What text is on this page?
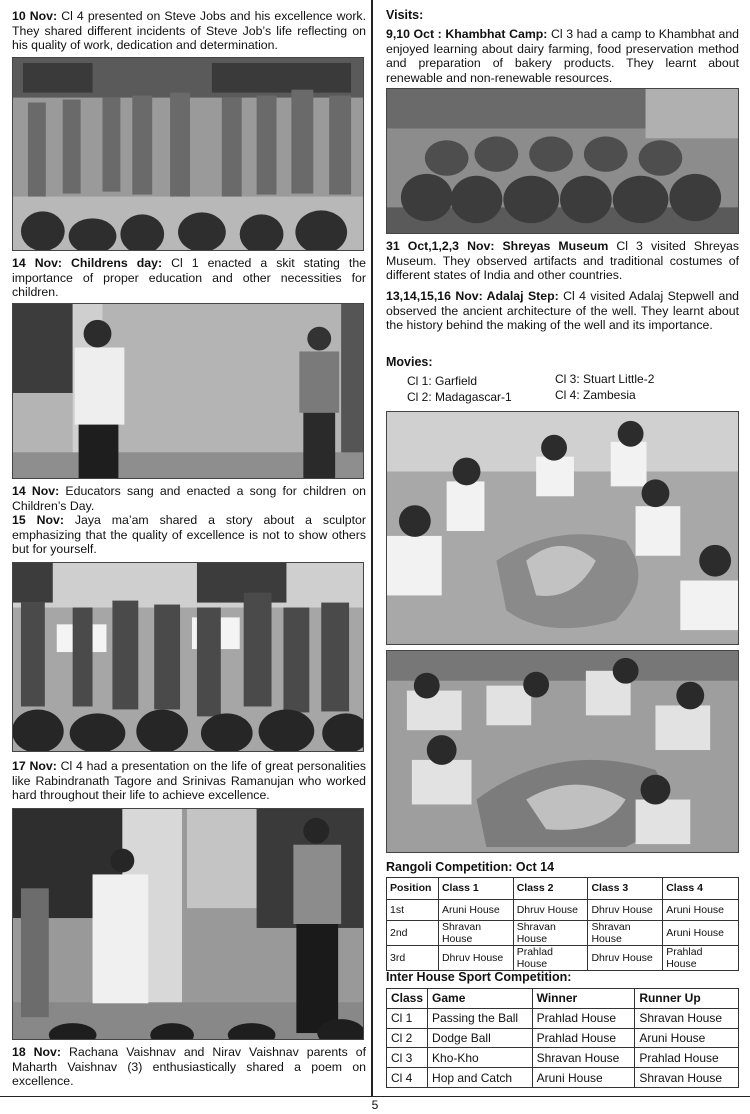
10 Nov: Cl 4 presented on Steve Jobs and his excellence work. They shared different incidents of Steve Job’s life reflecting on his quality of work, dedication and determination.
14 Nov: Childrens day: Cl 1 enacted a skit stating the importance of proper education and other necessities for children.
14 Nov: Educators sang and enacted a song for children on Children’s Day.
15 Nov: Jaya ma’am shared a story about a sculptor emphasizing that the quality of excellence is not to show others but for yourself.
17 Nov: Cl 4 had a presentation on the life of great personalities like Rabindranath Tagore and Srinivas Ramanujan who worked hard throughout their life to achieve excellence.
18 Nov: Rachana Vaishnav and Nirav Vaishnav parents of Maharth Vaishnav (3) enthusiastically shared a poem on excellence.
Visits:
9,10 Oct : Khambhat Camp: Cl 3 had a camp to Khambhat and enjoyed learning about dairy farming, food preservation method and preparation of bakery products. They learnt about renewable and non-renewable resources.
31 Oct,1,2,3 Nov: Shreyas Museum Cl 3 visited Shreyas Museum. They observed artifacts and traditional costumes of different states of India and other countries.
13,14,15,16 Nov: Adalaj Step: Cl 4 visited Adalaj Stepwell and observed the ancient architecture of the well. They learnt about the history behind the making of the well and its importance.
Movies:
Cl 1: Garfield
Cl 2: Madagascar-1
Cl 3: Stuart Little-2
Cl 4: Zambesia
Rangoli Competition: Oct 14
Position	Class 1	Class 2	Class 3	Class 4
1st	Aruni House	Dhruv House	Dhruv House	Aruni House
2nd	Shravan House	Shravan House	Shravan House	Aruni House
3rd	Dhruv House	Prahlad House	Dhruv House	Prahlad House
Inter House Sport Competition:
Class	Game	Winner	Runner Up
Cl 1	Passing the Ball	Prahlad House	Shravan House
Cl 2	Dodge Ball	Prahlad House	Aruni House
Cl 3	Kho-Kho	Shravan House	Prahlad House
Cl 4	Hop and Catch	Aruni House	Shravan House
5
